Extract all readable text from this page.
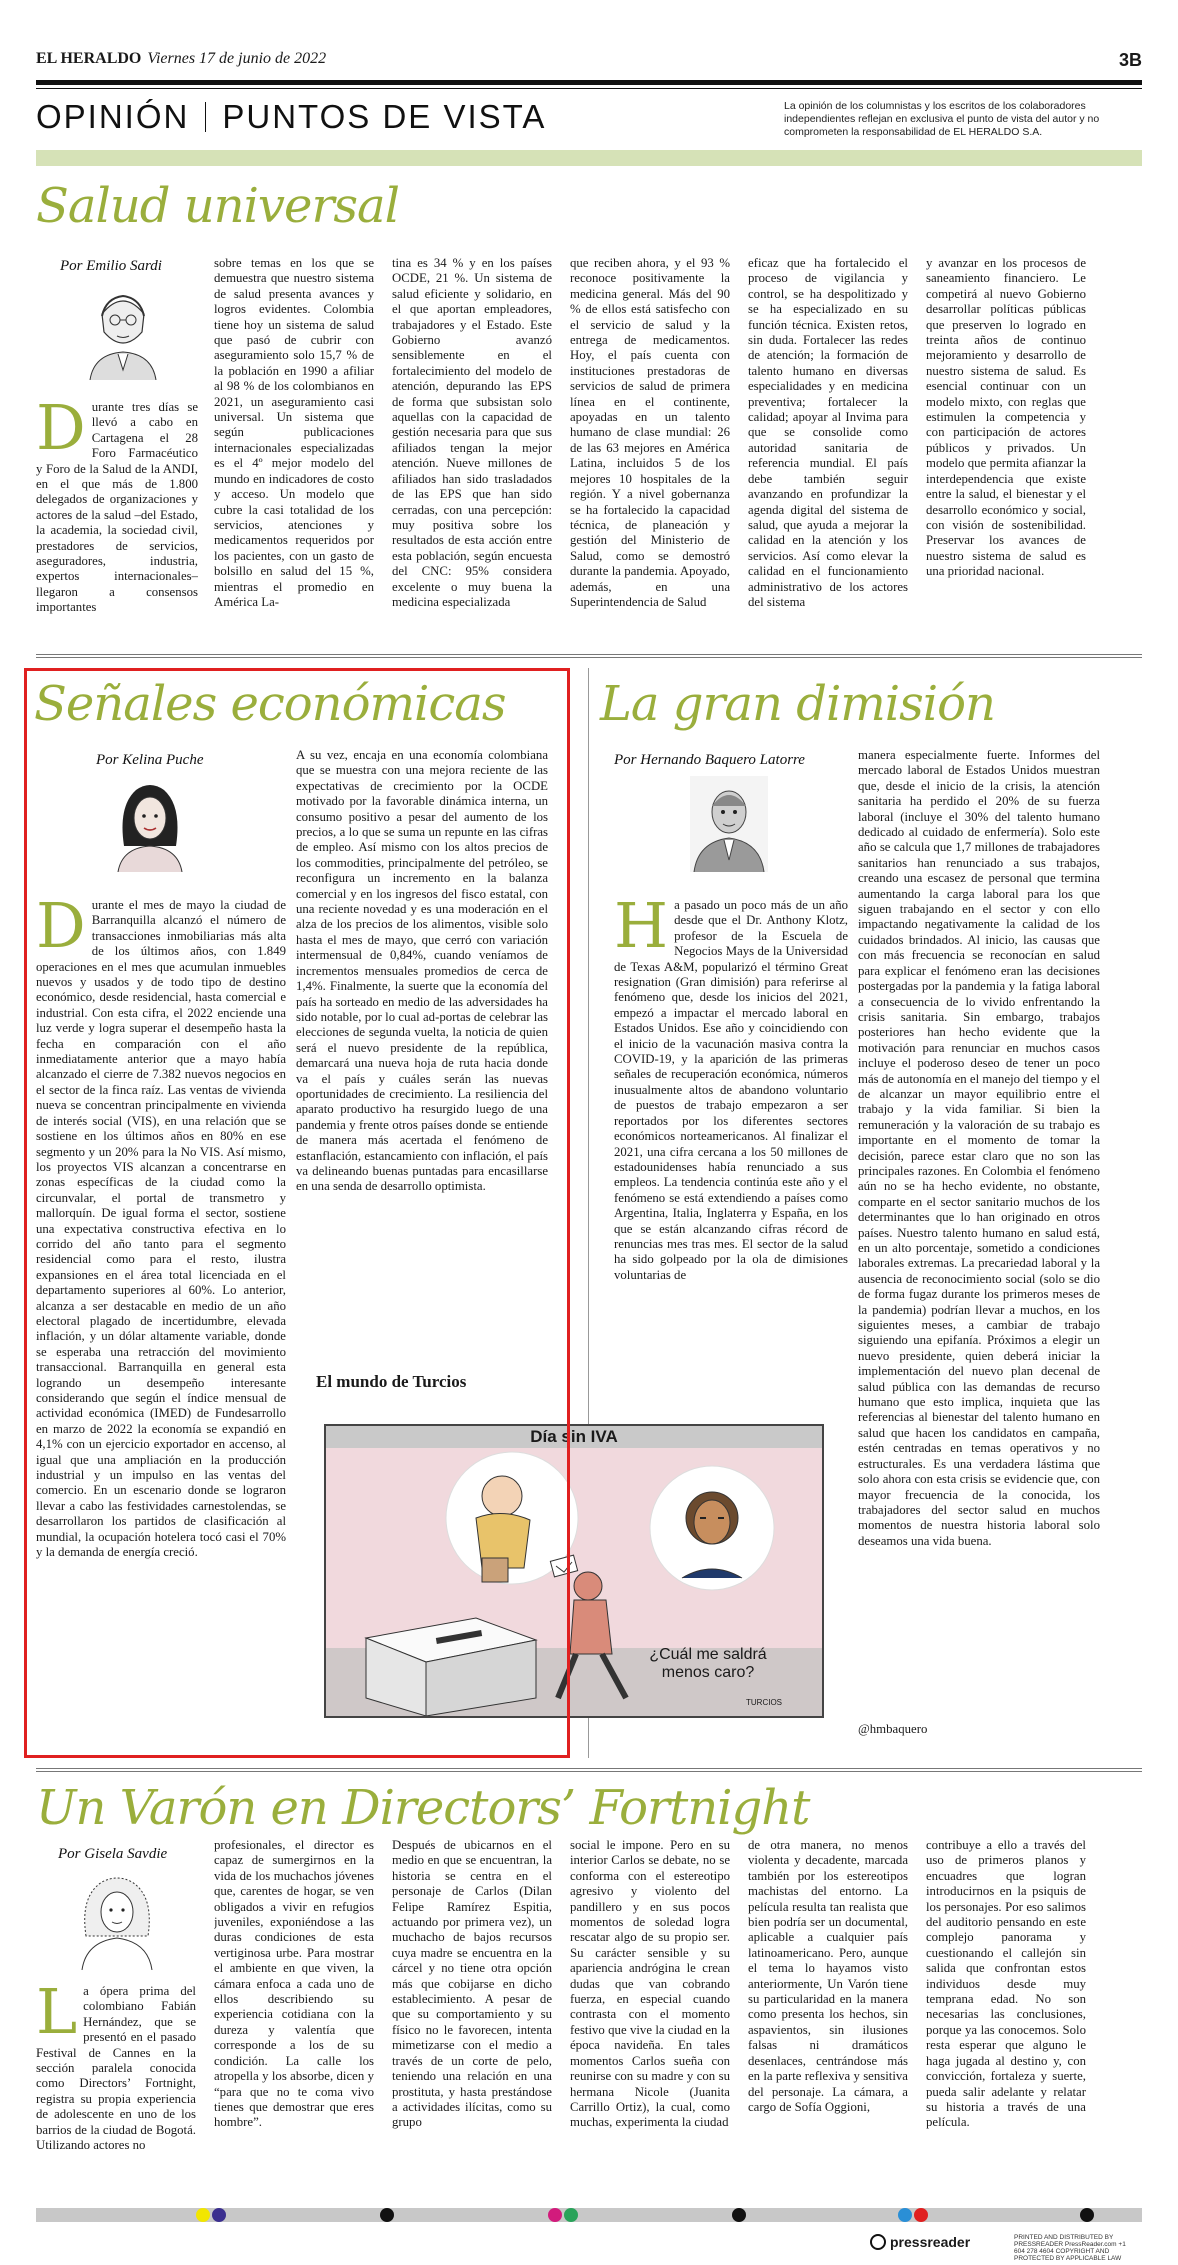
EL HERALDO Viernes 17 de junio de 2022	3B
OPINIÓN PUNTOS DE VISTA	La opinión de los columnistas y los escritos de los colaboradores independientes reflejan en exclusiva el punto de vista del autor y no comprometen la responsabilidad de EL HERALDO S.A.
Salud universal
Por Emilio Sardi
Durante tres días se llevó a cabo en Cartagena el 28 Foro Farmacéutico y Foro de la Salud de la ANDI, en el que más de 1.800 delegados de organizaciones y actores de la salud –del Estado, la academia, la sociedad civil, prestadores de servicios, aseguradores, industria, expertos internacionales– llegaron a consensos importantes
sobre temas en los que se demuestra que nuestro sistema de salud presenta avances y logros evidentes. Colombia tiene hoy un sistema de salud que pasó de cubrir con aseguramiento solo 15,7 % de la población en 1990 a afiliar al 98 % de los colombianos en 2021, un aseguramiento casi universal. Un sistema que según publicaciones internacionales especializadas es el 4º mejor modelo del mundo en indicadores de costo y acceso. Un modelo que cubre la casi totalidad de los servicios, atenciones y medicamentos requeridos por los pacientes, con un gasto de bolsillo en salud del 15 %, mientras el promedio en América La-
tina es 34 % y en los países OCDE, 21 %. Un sistema de salud eficiente y solidario, en el que aportan empleadores, trabajadores y el Estado. Este Gobierno avanzó sensiblemente en el fortalecimiento del modelo de atención, depurando las EPS de forma que subsistan solo aquellas con la capacidad de gestión necesaria para que sus afiliados tengan la mejor atención. Nueve millones de afiliados han sido trasladados de las EPS que han sido cerradas, con una percepción: muy positiva sobre los resultados de esta acción entre esta población, según encuesta del CNC: 95% considera excelente o muy buena la medicina especializada
que reciben ahora, y el 93 % reconoce positivamente la medicina general. Más del 90 % de ellos está satisfecho con el servicio de salud y la entrega de medicamentos. Hoy, el país cuenta con instituciones prestadoras de servicios de salud de primera línea en el continente, apoyadas en un talento humano de clase mundial: 26 de las 63 mejores en América Latina, incluidos 5 de los mejores 10 hospitales de la región. Y a nivel gobernanza se ha fortalecido la capacidad técnica, de planeación y gestión del Ministerio de Salud, como se demostró durante la pandemia. Apoyado, además, en una Superintendencia de Salud
eficaz que ha fortalecido el proceso de vigilancia y control, se ha despolitizado y se ha especializado en su función técnica. Existen retos, sin duda. Fortalecer las redes de atención; la formación de talento humano en diversas especialidades y en medicina preventiva; fortalecer la calidad; apoyar al Invima para que se consolide como autoridad sanitaria de referencia mundial. El país debe también seguir avanzando en profundizar la agenda digital del sistema de salud, que ayuda a mejorar la calidad en la atención y los servicios. Así como elevar la calidad en el funcionamiento administrativo de los actores del sistema
y avanzar en los procesos de saneamiento financiero. Le competirá al nuevo Gobierno desarrollar políticas públicas que preserven lo logrado en treinta años de continuo mejoramiento y desarrollo de nuestro sistema de salud. Es esencial continuar con un modelo mixto, con reglas que estimulen la competencia y con participación de actores públicos y privados. Un modelo que permita afianzar la interdependencia que existe entre la salud, el bienestar y el desarrollo económico y social, con visión de sostenibilidad. Preservar los avances de nuestro sistema de salud es una prioridad nacional.
Señales económicas
Por Kelina Puche
Durante el mes de mayo la ciudad de Barranquilla alcanzó el número de transacciones inmobiliarias más alta de los últimos años, con 1.849 operaciones en el mes que acumulan inmuebles nuevos y usados y de todo tipo de destino económico, desde residencial, hasta comercial e industrial. Con esta cifra, el 2022 enciende una luz verde y logra superar el desempeño hasta la fecha en comparación con el año inmediatamente anterior que a mayo había alcanzado el cierre de 7.382 nuevos negocios en el sector de la finca raíz. Las ventas de vivienda nueva se concentran principalmente en vivienda de interés social (VIS), en una relación que se sostiene en los últimos años en 80% en ese segmento y un 20% para la No VIS. Así mismo, los proyectos VIS alcanzan a concentrarse en zonas específicas de la ciudad como la circunvalar, el portal de transmetro y mallorquín. De igual forma el sector, sostiene una expectativa constructiva efectiva en lo corrido del año tanto para el segmento residencial como para el resto, ilustra expansiones en el área total licenciada en el departamento superiores al 60%. Lo anterior, alcanza a ser destacable en medio de un año electoral plagado de incertidumbre, elevada inflación, y un dólar altamente variable, donde se esperaba una retracción del movimiento transaccional. Barranquilla en general esta logrando un desempeño interesante considerando que según el índice mensual de actividad económica (IMED) de Fundesarrollo en marzo de 2022 la economía se expandió en 4,1% con un ejercicio exportador en accenso, al igual que una ampliación en la producción industrial y un impulso en las ventas del comercio. En un escenario donde se lograron llevar a cabo las festividades carnestolendas, se desarrollaron los partidos de clasificación al mundial, la ocupación hotelera tocó casi el 70% y la demanda de energía creció.
A su vez, encaja en una economía colombiana que se muestra con una mejora reciente de las expectativas de crecimiento por la OCDE motivado por la favorable dinámica interna, un consumo positivo a pesar del aumento de los precios, a lo que se suma un repunte en las cifras de empleo. Así mismo con los altos precios de los commodities, principalmente del petróleo, se reconfigura un incremento en la balanza comercial y en los ingresos del fisco estatal, con una reciente novedad y es una moderación en el alza de los precios de los alimentos, visible solo hasta el mes de mayo, que cerró con variación intermensual de 0,84%, cuando veníamos de incrementos mensuales promedios de cerca de 1,4%. Finalmente, la suerte que la economía del país ha sorteado en medio de las adversidades ha sido notable, por lo cual ad-portas de celebrar las elecciones de segunda vuelta, la noticia de quien será el nuevo presidente de la república, demarcará una nueva hoja de ruta hacia donde va el país y cuáles serán las nuevas oportunidades de crecimiento. La resiliencia del aparato productivo ha resurgido luego de una pandemia y frente otros países donde se entiende de manera más acertada el fenómeno de estanflación, estancamiento con inflación, el país va delineando buenas puntadas para encasillarse en una senda de desarrollo optimista.
La gran dimisión
Por Hernando Baquero Latorre
Ha pasado un poco más de un año desde que el Dr. Anthony Klotz, profesor de la Escuela de Negocios Mays de la Universidad de Texas A&M, popularizó el término Great resignation (Gran dimisión) para referirse al fenómeno que, desde los inicios del 2021, empezó a impactar el mercado laboral en Estados Unidos. Ese año y coincidiendo con el inicio de la vacunación masiva contra la COVID-19, y la aparición de las primeras señales de recuperación económica, números inusualmente altos de abandono voluntario de puestos de trabajo empezaron a ser reportados por los diferentes sectores económicos norteamericanos. Al finalizar el 2021, una cifra cercana a los 50 millones de estadounidenses había renunciado a sus empleos. La tendencia continúa este año y el fenómeno se está extendiendo a países como Argentina, Italia, Inglaterra y España, en los que se están alcanzando cifras récord de renuncias mes tras mes. El sector de la salud ha sido golpeado por la ola de dimisiones voluntarias de
manera especialmente fuerte. Informes del mercado laboral de Estados Unidos muestran que, desde el inicio de la crisis, la atención sanitaria ha perdido el 20% de su fuerza laboral (incluye el 30% del talento humano dedicado al cuidado de enfermería). Solo este año se calcula que 1,7 millones de trabajadores sanitarios han renunciado a sus trabajos, creando una escasez de personal que termina aumentando la carga laboral para los que siguen trabajando en el sector y con ello impactando negativamente la calidad de los cuidados brindados. Al inicio, las causas que con más frecuencia se reconocían en salud para explicar el fenómeno eran las decisiones postergadas por la pandemia y la fatiga laboral a consecuencia de lo vivido enfrentando la crisis sanitaria. Sin embargo, trabajos posteriores han hecho evidente que la motivación para renunciar en muchos casos incluye el poderoso deseo de tener un poco más de autonomía en el manejo del tiempo y el de alcanzar un mayor equilibrio entre el trabajo y la vida familiar. Si bien la remuneración y la valoración de su trabajo es importante en el momento de tomar la decisión, parece estar claro que no son las principales razones. En Colombia el fenómeno aún no se ha hecho evidente, no obstante, comparte en el sector sanitario muchos de los determinantes que lo han originado en otros países. Nuestro talento humano en salud está, en un alto porcentaje, sometido a condiciones laborales extremas. La precariedad laboral y la ausencia de reconocimiento social (solo se dio de forma fugaz durante los primeros meses de la pandemia) podrían llevar a muchos, en los siguientes meses, a cambiar de trabajo siguiendo una epifanía. Próximos a elegir un nuevo presidente, quien deberá iniciar la implementación del nuevo plan decenal de salud pública con las demandas de recurso humano que esto implica, inquieta que las referencias al bienestar del talento humano en salud que hacen los candidatos en campaña, estén centradas en temas operativos y no estructurales. Es una verdadera lástima que solo ahora con esta crisis se evidencie que, con mayor frecuencia de la conocida, los trabajadores del sector salud en muchos momentos de nuestra historia laboral solo deseamos una vida buena.
@hmbaquero
El mundo de Turcios
Día sin IVA
¿Cuál me saldrá menos caro?
TURCIOS
Un Varón en Directors’ Fortnight
Por Gisela Savdie
La ópera prima del colombiano Fabián Hernández, que se presentó en el pasado Festival de Cannes en la sección paralela conocida como Directors’ Fortnight, registra su propia experiencia de adolescente en uno de los barrios de la ciudad de Bogotá. Utilizando actores no
profesionales, el director es capaz de sumergirnos en la vida de los muchachos jóvenes que, carentes de hogar, se ven obligados a vivir en refugios juveniles, exponiéndose a las duras condiciones de esta vertiginosa urbe. Para mostrar el ambiente en que viven, la cámara enfoca a cada uno de ellos describiendo su experiencia cotidiana con la dureza y valentía que corresponde a los de su condición. La calle los atropella y los absorbe, dicen y “para que no te coma vivo tienes que demostrar que eres hombre”.
Después de ubicarnos en el medio en que se encuentran, la historia se centra en el personaje de Carlos (Dilan Felipe Ramírez Espitia, actuando por primera vez), un muchacho de bajos recursos cuya madre se encuentra en la cárcel y no tiene otra opción más que cobijarse en dicho establecimiento. A pesar de que su comportamiento y su físico no le favorecen, intenta mimetizarse con el medio a través de un corte de pelo, teniendo una relación en una prostituta, y hasta prestándose a actividades ilícitas, como su grupo
social le impone. Pero en su interior Carlos se debate, no se conforma con el estereotipo agresivo y violento del pandillero y en sus pocos momentos de soledad logra rescatar algo de su propio ser. Su carácter sensible y su apariencia andrógina le crean dudas que van cobrando fuerza, en especial cuando contrasta con el momento festivo que vive la ciudad en la época navideña. En tales momentos Carlos sueña con reunirse con su madre y con su hermana Nicole (Juanita Carrillo Ortiz), la cual, como muchas, experimenta la ciudad
de otra manera, no menos violenta y decadente, marcada también por los estereotipos machistas del entorno. La película resulta tan realista que bien podría ser un documental, aplicable a cualquier país latinoamericano. Pero, aunque el tema lo hayamos visto anteriormente, Un Varón tiene su particularidad en la manera como presenta los hechos, sin aspavientos, sin ilusiones falsas ni dramáticos desenlaces, centrándose más en la parte reflexiva y sensitiva del personaje. La cámara, a cargo de Sofía Oggioni,
contribuye a ello a través del uso de primeros planos y encuadres que logran introducirnos en la psiquis de los personajes. Por eso salimos del auditorio pensando en este complejo panorama y cuestionando el callejón sin salida que confrontan estos individuos desde muy temprana edad. No son necesarias las conclusiones, porque ya las conocemos. Solo resta esperar que alguno le haga jugada al destino y, con convicción, fortaleza y suerte, pueda salir adelante y relatar su historia a través de una película.
pressreader	PRINTED AND DISTRIBUTED BY PRESSREADER PressReader.com +1 604 278 4604 COPYRIGHT AND PROTECTED BY APPLICABLE LAW
